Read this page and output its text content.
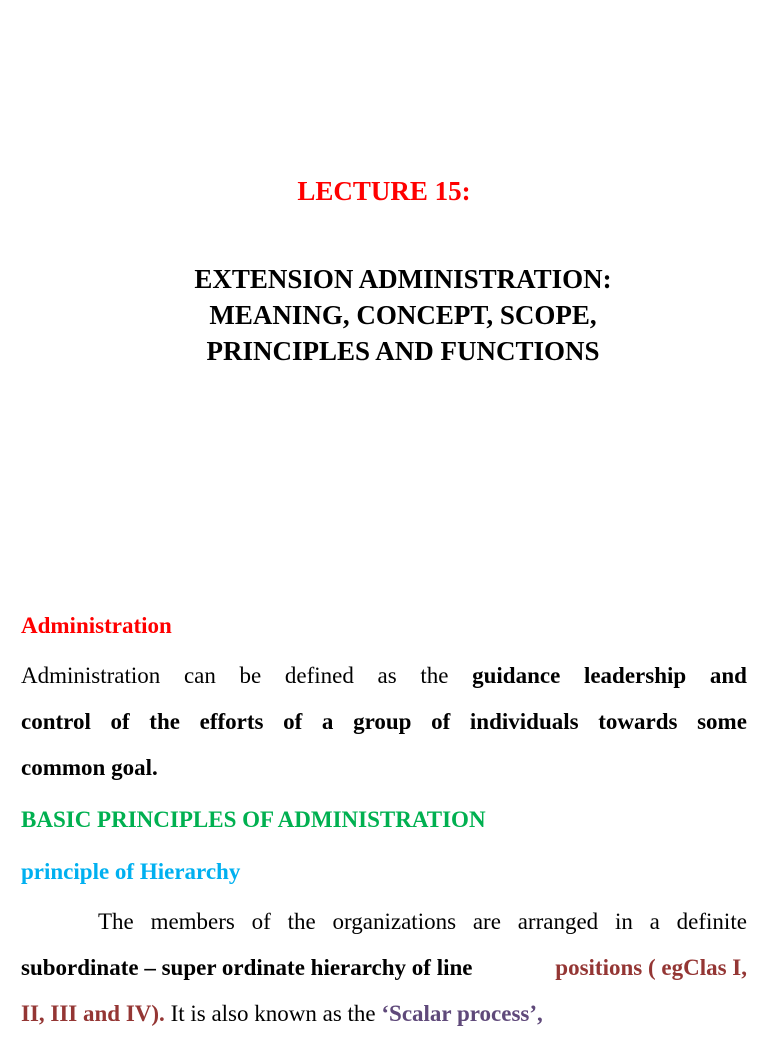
LECTURE 15:
EXTENSION ADMINISTRATION:
MEANING, CONCEPT, SCOPE,
PRINCIPLES AND FUNCTIONS
Administration
Administration can be defined as the guidance leadership and
control of the efforts of a group of individuals towards some
common goal.
BASIC PRINCIPLES OF ADMINISTRATION
principle of Hierarchy
The members of the organizations are arranged in a definite
subordinate – super ordinate hierarchy of line	positions ( egClas I,
II, III and IV). It is also known as the ‘Scalar process’,
